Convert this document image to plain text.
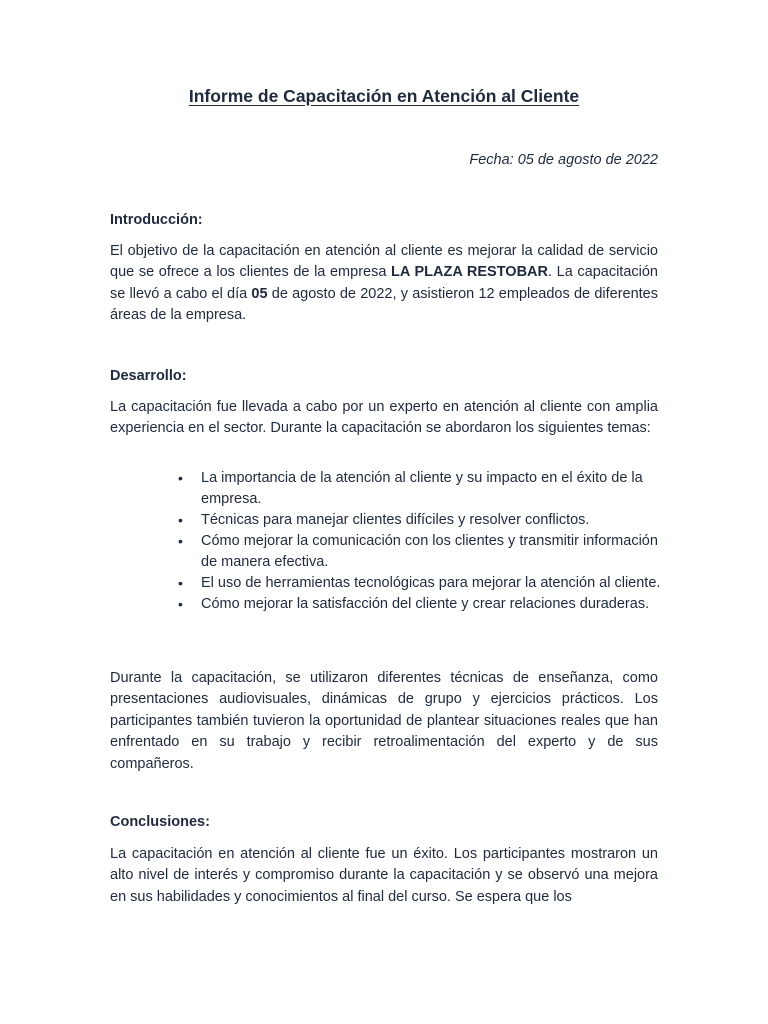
Informe de Capacitación en Atención al Cliente
Fecha: 05 de agosto de 2022
Introducción:

El objetivo de la capacitación en atención al cliente es mejorar la calidad de servicio que se ofrece a los clientes de la empresa LA PLAZA RESTOBAR. La capacitación se llevó a cabo el día 05 de agosto de 2022, y asistieron 12 empleados de diferentes áreas de la empresa.

Desarrollo:

La capacitación fue llevada a cabo por un experto en atención al cliente con amplia experiencia en el sector. Durante la capacitación se abordaron los siguientes temas:

• La importancia de la atención al cliente y su impacto en el éxito de la empresa.
• Técnicas para manejar clientes difíciles y resolver conflictos.
• Cómo mejorar la comunicación con los clientes y transmitir información de manera efectiva.
• El uso de herramientas tecnológicas para mejorar la atención al cliente.
• Cómo mejorar la satisfacción del cliente y crear relaciones duraderas.

Durante la capacitación, se utilizaron diferentes técnicas de enseñanza, como presentaciones audiovisuales, dinámicas de grupo y ejercicios prácticos. Los participantes también tuvieron la oportunidad de plantear situaciones reales que han enfrentado en su trabajo y recibir retroalimentación del experto y de sus compañeros.

Conclusiones:

La capacitación en atención al cliente fue un éxito. Los participantes mostraron un alto nivel de interés y compromiso durante la capacitación y se observó una mejora en sus habilidades y conocimientos al final del curso. Se espera que los
